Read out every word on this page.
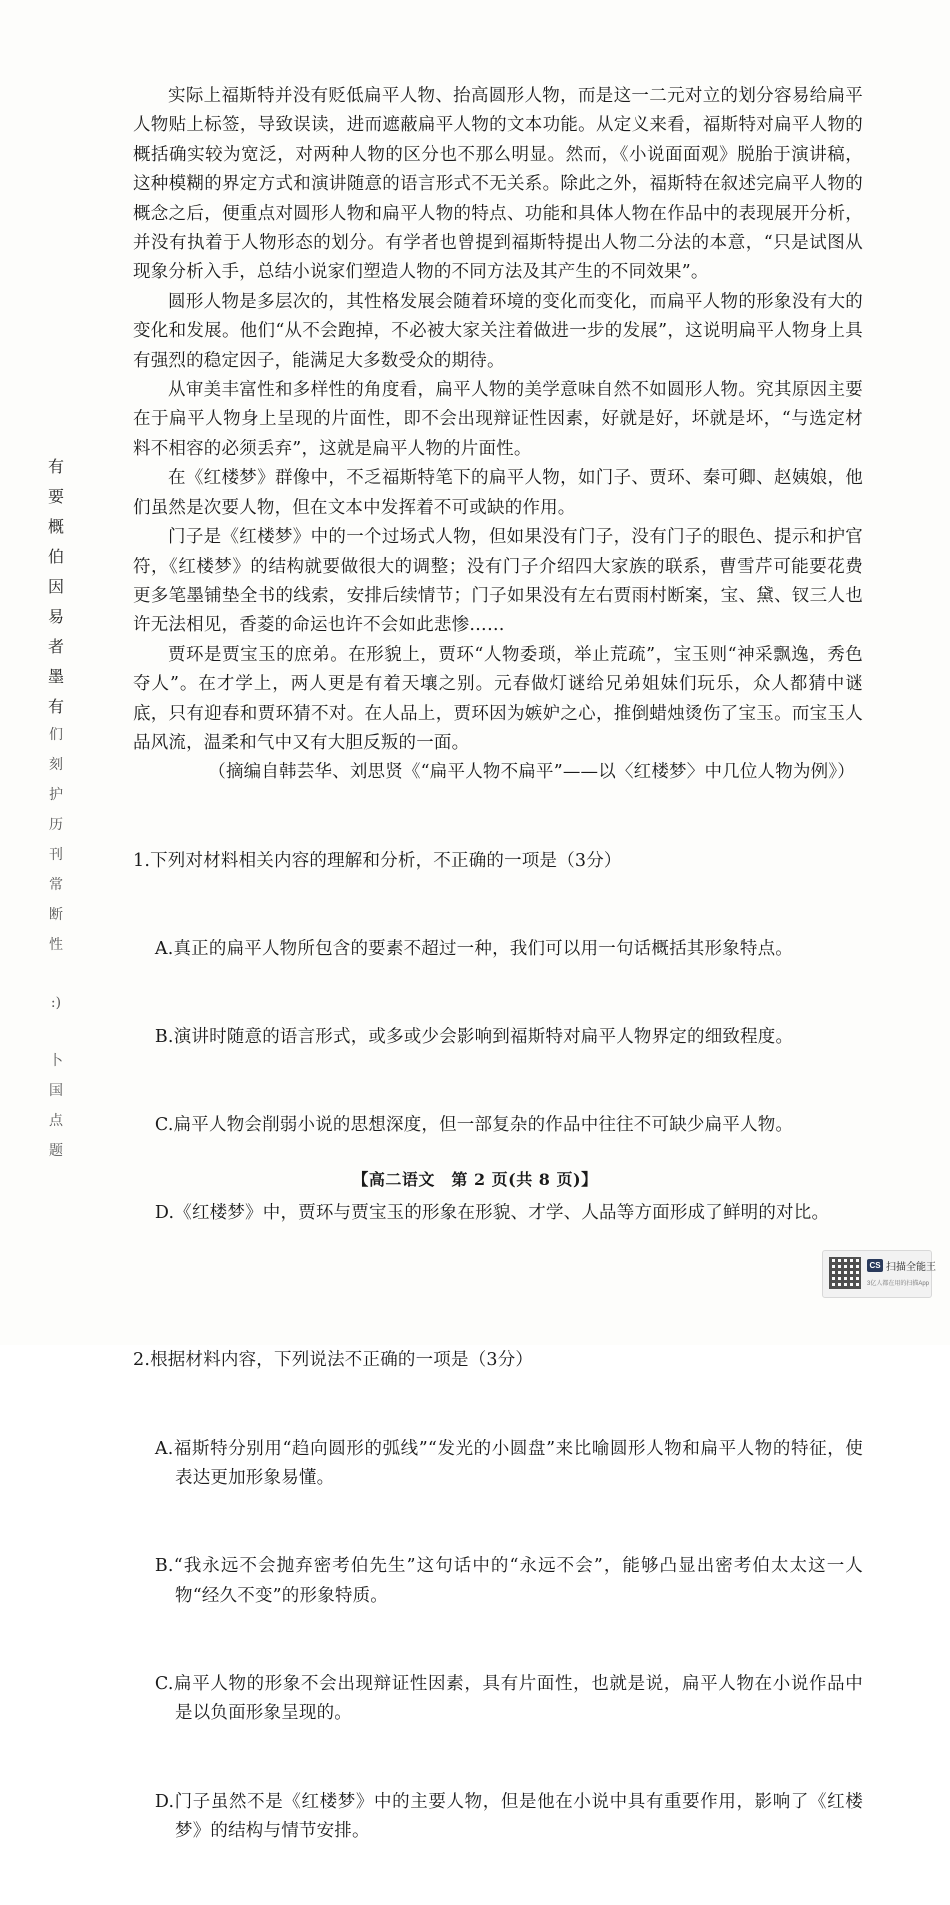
有
要
概
伯
因
易
者
墨
有
们
刻
护
历
刊
常
断
性
:)
卜
国
点
题

实际上福斯特并没有贬低扁平人物、抬高圆形人物，而是这一二元对立的划分容易给扁平人物贴上标签，导致误读，进而遮蔽扁平人物的文本功能。从定义来看，福斯特对扁平人物的概括确实较为宽泛，对两种人物的区分也不那么明显。然而，《小说面面观》脱胎于演讲稿，这种模糊的界定方式和演讲随意的语言形式不无关系。除此之外，福斯特在叙述完扁平人物的概念之后，便重点对圆形人物和扁平人物的特点、功能和具体人物在作品中的表现展开分析，并没有执着于人物形态的划分。有学者也曾提到福斯特提出人物二分法的本意，“只是试图从现象分析入手，总结小说家们塑造人物的不同方法及其产生的不同效果”。

圆形人物是多层次的，其性格发展会随着环境的变化而变化，而扁平人物的形象没有大的变化和发展。他们“从不会跑掉，不必被大家关注着做进一步的发展”，这说明扁平人物身上具有强烈的稳定因子，能满足大多数受众的期待。

从审美丰富性和多样性的角度看，扁平人物的美学意味自然不如圆形人物。究其原因主要在于扁平人物身上呈现的片面性，即不会出现辩证性因素，好就是好，坏就是坏，“与选定材料不相容的必须丢弃”，这就是扁平人物的片面性。

在《红楼梦》群像中，不乏福斯特笔下的扁平人物，如门子、贾环、秦可卿、赵姨娘，他们虽然是次要人物，但在文本中发挥着不可或缺的作用。

门子是《红楼梦》中的一个过场式人物，但如果没有门子，没有门子的眼色、提示和护官符，《红楼梦》的结构就要做很大的调整；没有门子介绍四大家族的联系，曹雪芹可能要花费更多笔墨铺垫全书的线索，安排后续情节；门子如果没有左右贾雨村断案，宝、黛、钗三人也许无法相见，香菱的命运也许不会如此悲惨……

贾环是贾宝玉的庶弟。在形貌上，贾环“人物委琐，举止荒疏”，宝玉则“神采飘逸，秀色夺人”。在才学上，两人更是有着天壤之别。元春做灯谜给兄弟姐妹们玩乐，众人都猜中谜底，只有迎春和贾环猜不对。在人品上，贾环因为嫉妒之心，推倒蜡烛烫伤了宝玉。而宝玉人品风流，温柔和气中又有大胆反叛的一面。

（摘编自韩芸华、刘思贤《“扁平人物不扁平”——以〈红楼梦〉中几位人物为例》）

1.下列对材料相关内容的理解和分析，不正确的一项是（3分）

A.真正的扁平人物所包含的要素不超过一种，我们可以用一句话概括其形象特点。

B.演讲时随意的语言形式，或多或少会影响到福斯特对扁平人物界定的细致程度。

C.扁平人物会削弱小说的思想深度，但一部复杂的作品中往往不可缺少扁平人物。

D.《红楼梦》中，贾环与贾宝玉的形象在形貌、才学、人品等方面形成了鲜明的对比。

2.根据材料内容，下列说法不正确的一项是（3分）

A.福斯特分别用“趋向圆形的弧线”“发光的小圆盘”来比喻圆形人物和扁平人物的特征，使表达更加形象易懂。

B.“我永远不会抛弃密考伯先生”这句话中的“永远不会”，能够凸显出密考伯太太这一人物“经久不变”的形象特质。

C.扁平人物的形象不会出现辩证性因素，具有片面性，也就是说，扁平人物在小说作品中是以负面形象呈现的。

D.门子虽然不是《红楼梦》中的主要人物，但是他在小说中具有重要作用，影响了《红楼梦》的结构与情节安排。

【高二语文　第 2 页(共 8 页)】
CS 扫描全能王
3亿人都在用的扫描App
